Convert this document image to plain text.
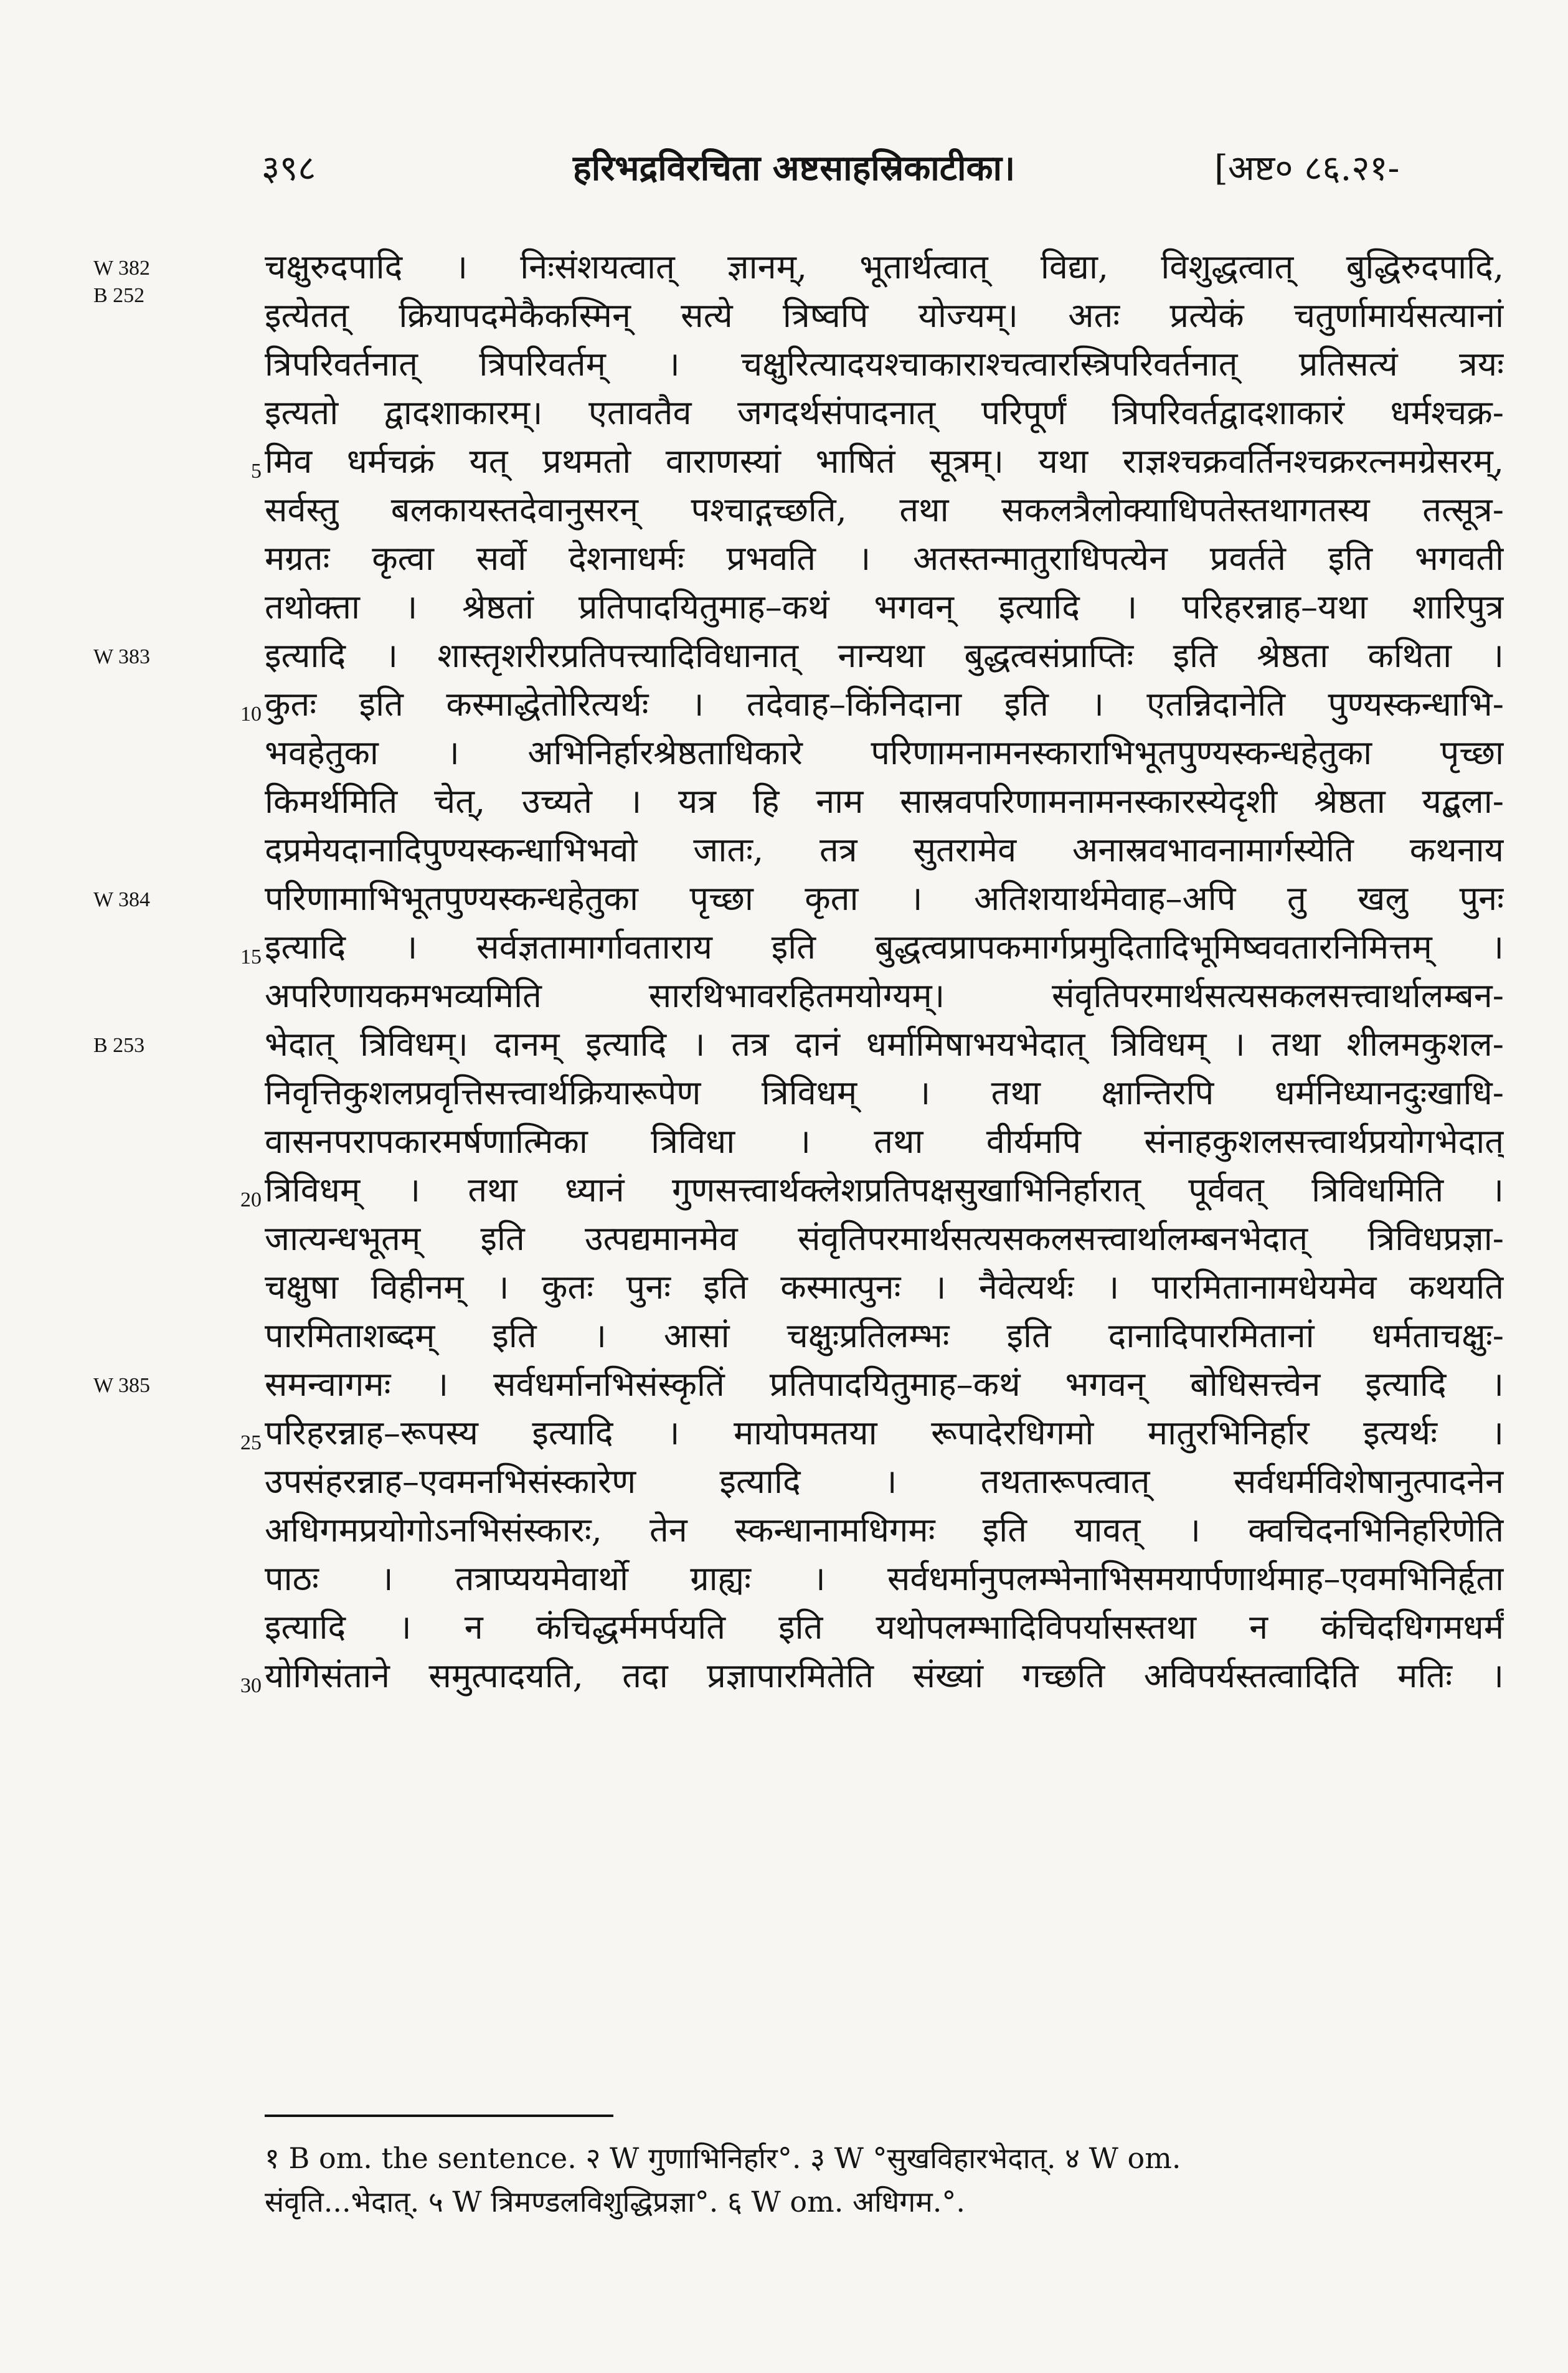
३९८	हरिभद्रविरचिता अष्टसाहस्रिकाटीका।	[अष्ट० ८६.२१-
W 382
B 252
W 383
W 384
B 253
W 385
5
10
15
20
25
30
चक्षुरुदपादि । निःसंशयत्वात् ज्ञानम्, भूतार्थत्वात् विद्या, विशुद्धत्वात् बुद्धिरुदपादि,
इत्येतत् क्रियापदमेकैकस्मिन् सत्ये त्रिष्वपि योज्यम्। अतः प्रत्येकं चतुर्णामार्यसत्यानां
त्रिपरिवर्तनात् त्रिपरिवर्तम् । चक्षुरित्यादयश्चाकाराश्चत्वारस्त्रिपरिवर्तनात् प्रतिसत्यं त्रयः
इत्यतो द्वादशाकारम्। एतावतैव जगदर्थसंपादनात् परिपूर्णं त्रिपरिवर्तद्वादशाकारं धर्मश्चक्र-
मिव धर्मचक्रं यत् प्रथमतो वाराणस्यां भाषितं सूत्रम्। यथा राज्ञश्चक्रवर्तिनश्चक्ररत्नमग्रेसरम्,
सर्वस्तु बलकायस्तदेवानुसरन् पश्चाद्गच्छति, तथा सकलत्रैलोक्याधिपतेस्तथागतस्य तत्सूत्र-
मग्रतः कृत्वा सर्वो देशनाधर्मः प्रभवति । अतस्तन्मातुराधिपत्येन प्रवर्तते इति भगवती
तथोक्ता । श्रेष्ठतां प्रतिपादयितुमाह–कथं भगवन् इत्यादि । परिहरन्नाह–यथा शारिपुत्र
इत्यादि । शास्तृशरीरप्रतिपत्त्यादिविधानात् नान्यथा बुद्धत्वसंप्राप्तिः इति श्रेष्ठता कथिता ।
कुतः इति कस्माद्धेतोरित्यर्थः । तदेवाह–किंनिदाना इति । एतन्निदानेति पुण्यस्कन्धाभि-
भवहेतुका । अभिनिर्हारश्रेष्ठताधिकारे परिणामनामनस्काराभिभूतपुण्यस्कन्धहेतुका पृच्छा
किमर्थमिति चेत्, उच्यते । यत्र हि नाम सास्रवपरिणामनामनस्कारस्येदृशी श्रेष्ठता यद्बला-
दप्रमेयदानादिपुण्यस्कन्धाभिभवो जातः, तत्र सुतरामेव अनास्रवभावनामार्गस्येति कथनाय
परिणामाभिभूतपुण्यस्कन्धहेतुका पृच्छा कृता । अतिशयार्थमेवाह–अपि तु खलु पुनः
इत्यादि । सर्वज्ञतामार्गावताराय इति बुद्धत्वप्रापकमार्गप्रमुदितादिभूमिष्ववतारनिमित्तम् ।
अपरिणायकमभव्यमिति सारथिभावरहितमयोग्यम्। संवृतिपरमार्थसत्यसकलसत्त्वार्थालम्बन-
भेदात् त्रिविधम्। दानम् इत्यादि । तत्र दानं धर्मामिषाभयभेदात् त्रिविधम् । तथा शीलमकुशल-
निवृत्तिकुशलप्रवृत्तिसत्त्वार्थक्रियारूपेण त्रिविधम् । तथा क्षान्तिरपि धर्मनिध्यानदुःखाधि-
वासनपरापकारमर्षणात्मिका त्रिविधा । तथा वीर्यमपि संनाहकुशलसत्त्वार्थप्रयोगभेदात्
त्रिविधम् । तथा ध्यानं गुणसत्त्वार्थक्लेशप्रतिपक्षसुखाभिनिर्हारात् पूर्ववत् त्रिविधमिति ।
जात्यन्धभूतम् इति उत्पद्यमानमेव संवृतिपरमार्थसत्यसकलसत्त्वार्थालम्बनभेदात् त्रिविधप्रज्ञा-
चक्षुषा विहीनम् । कुतः पुनः इति कस्मात्पुनः । नैवेत्यर्थः । पारमितानामधेयमेव कथयति
पारमिताशब्दम् इति । आसां चक्षुःप्रतिलम्भः इति दानादिपारमितानां धर्मताचक्षुः-
समन्वागमः । सर्वधर्मानभिसंस्कृतिं प्रतिपादयितुमाह–कथं भगवन् बोधिसत्त्वेन इत्यादि ।
परिहरन्नाह–रूपस्य इत्यादि । मायोपमतया रूपादेरधिगमो मातुरभिनिर्हार इत्यर्थः ।
उपसंहरन्नाह–एवमनभिसंस्कारेण इत्यादि । तथतारूपत्वात् सर्वधर्मविशेषानुत्पादनेन
अधिगमप्रयोगोऽनभिसंस्कारः, तेन स्कन्धानामधिगमः इति यावत् । क्वचिदनभिनिर्हारेणेति
पाठः । तत्राप्ययमेवार्थो ग्राह्यः । सर्वधर्मानुपलम्भेनाभिसमयार्पणार्थमाह–एवमभिनिर्हृता
इत्यादि । न कंचिद्धर्ममर्पयति इति यथोपलम्भादिविपर्यासस्तथा न कंचिदधिगमधर्मं
योगिसंताने समुत्पादयति, तदा प्रज्ञापारमितेति संख्यां गच्छति अविपर्यस्तत्वादिति मतिः ।
१ B om. the sentence. २ W गुणाभिनिर्हार°. ३ W °सुखविहारभेदात्. ४ W om.
संवृति...भेदात्. ५ W त्रिमण्डलविशुद्धिप्रज्ञा°. ६ W om. अधिगम.°.
